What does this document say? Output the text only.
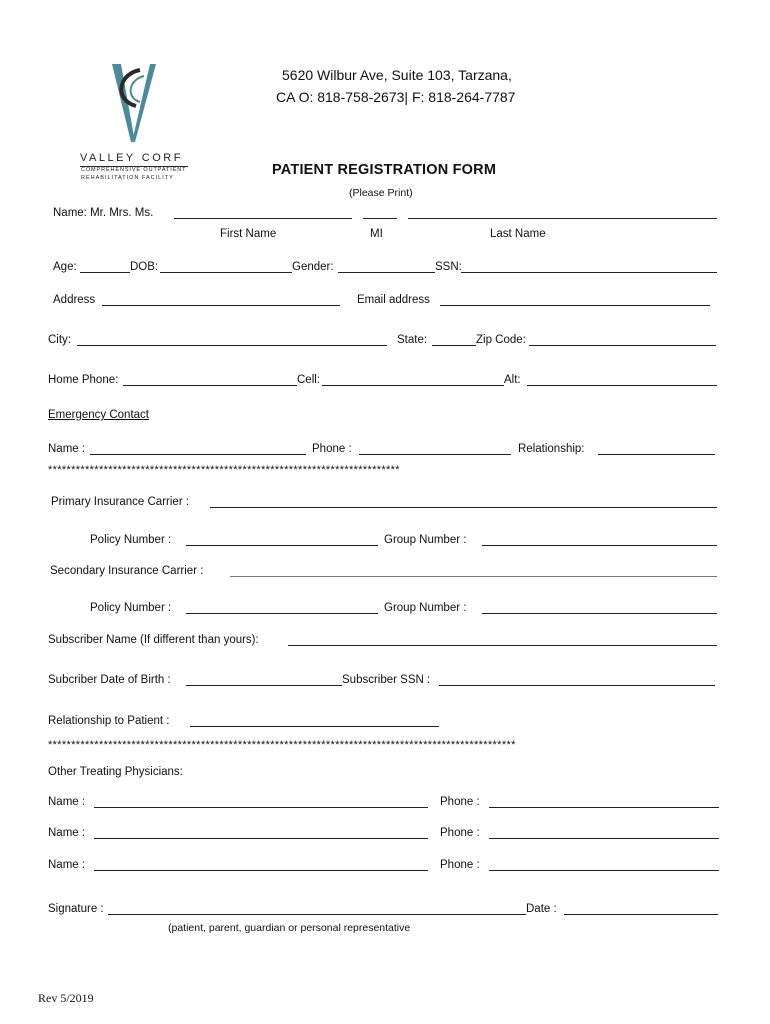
VALLEY CORF
COMPREHENSIVE OUTPATIENT
REHABILITATION FACILITY
5620 Wilbur Ave, Suite 103, Tarzana,
CA O: 818-758-2673| F: 818-264-7787
PATIENT REGISTRATION FORM
(Please Print)
Name: Mr. Mrs. Ms.
First Name	MI	Last Name
Age:	DOB:	Gender:	SSN:
Address	Email address
City:	State:	Zip Code:
Home Phone:	Cell:	Alt:
Emergency Contact
Name :	Phone :	Relationship:
****************************************************************************
Primary Insurance Carrier :
Policy Number :	Group Number :
Secondary Insurance Carrier :
Policy Number :	Group Number :
Subscriber Name (If different than yours):
Subcriber Date of Birth :	Subscriber SSN :
Relationship to Patient :
*****************************************************************************************************
Other Treating Physicians:
Name :	Phone :
Name :	Phone :
Name :	Phone :
Signature :	Date :
(patient, parent, guardian or personal representative
Rev 5/2019
